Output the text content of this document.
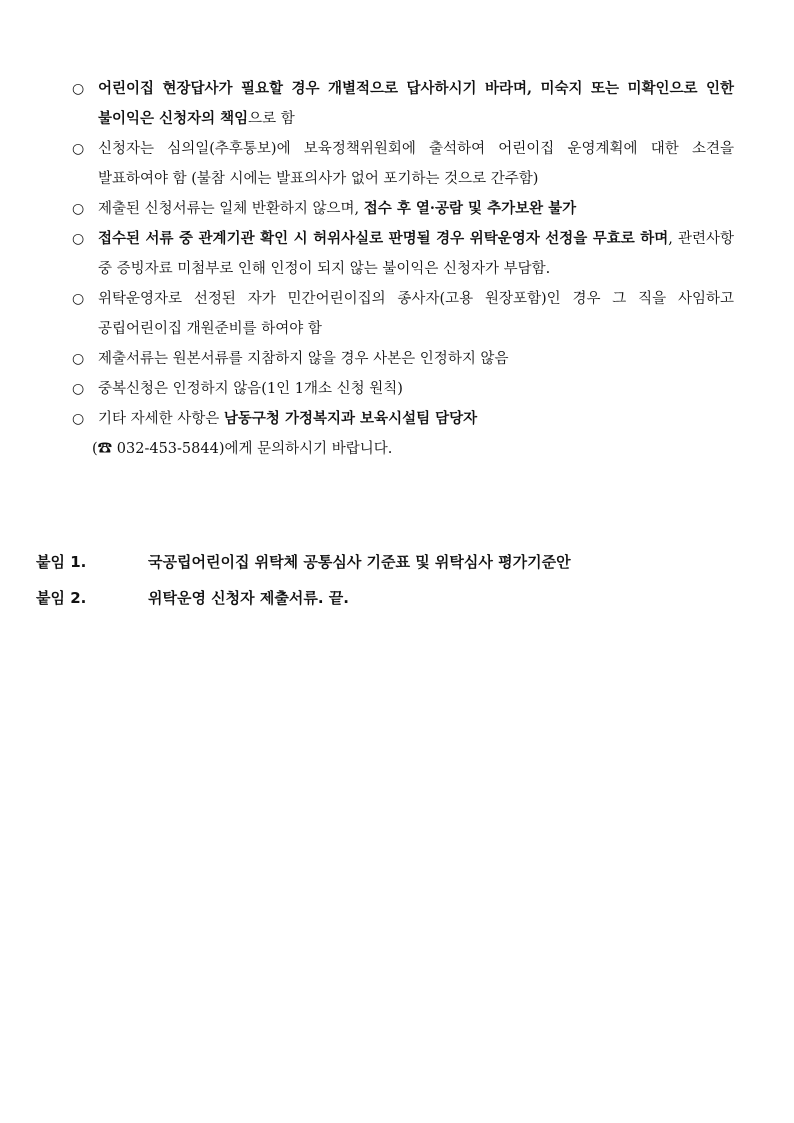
○ 어린이집 현장답사가 필요할 경우 개별적으로 답사하시기 바라며, 미숙지 또는 미확인으로 인한 불이익은 신청자의 책임으로 함
○ 신청자는 심의일(추후통보)에 보육정책위원회에 출석하여 어린이집 운영계획에 대한 소견을 발표하여야 함 (불참 시에는 발표의사가 없어 포기하는 것으로 간주함)
○ 제출된 신청서류는 일체 반환하지 않으며, 접수 후 열·공람 및 추가보완 불가
○ 접수된 서류 중 관계기관 확인 시 허위사실로 판명될 경우 위탁운영자 선정을 무효로 하며, 관련사항 중 증빙자료 미첨부로 인해 인정이 되지 않는 불이익은 신청자가 부담함.
○ 위탁운영자로 선정된 자가 민간어린이집의 종사자(고용 원장포함)인 경우 그 직을 사임하고 공립어린이집 개원준비를 하여야 함
○ 제출서류는 원본서류를 지참하지 않을 경우 사본은 인정하지 않음
○ 중복신청은 인정하지 않음(1인 1개소 신청 원칙)
○ 기타 자세한 사항은 남동구청 가정복지과 보육시설팀 담당자
(☎ 032-453-5844)에게 문의하시기 바랍니다.
붙임 1.	국공립어린이집 위탁체 공통심사 기준표 및 위탁심사 평가기준안
붙임 2.	위탁운영 신청자 제출서류. 끝.
